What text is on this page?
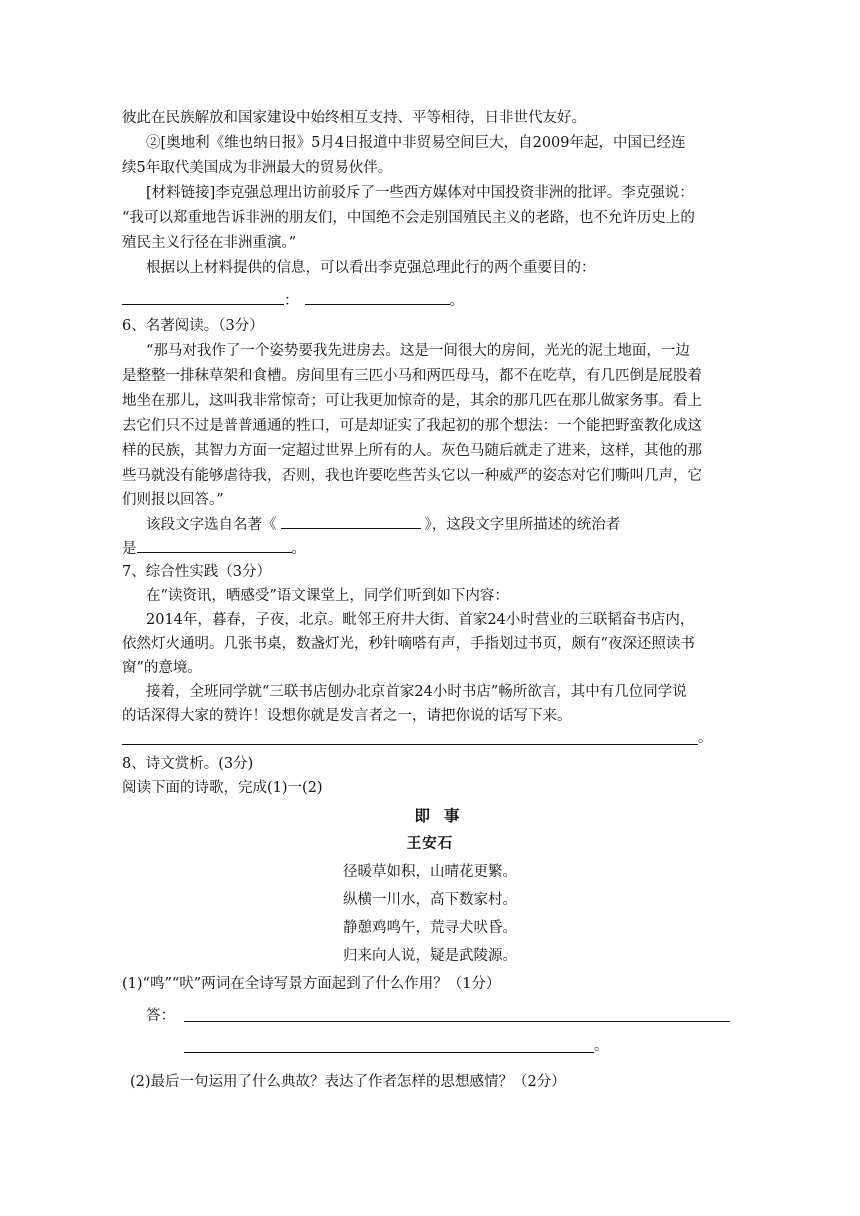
彼此在民族解放和国家建设中始终相互支持、平等相待，日非世代友好。
②[奥地利《维也纳日报》5月4日报道中非贸易空间巨大，自2009年起，中国已经连
续5年取代美国成为非洲最大的贸易伙伴。
[材料链接]李克强总理出访前驳斥了一些西方媒体对中国投资非洲的批评。李克强说：
“我可以郑重地告诉非洲的朋友们，中国绝不会走别国殖民主义的老路，也不允许历史上的
殖民主义行径在非洲重演。”
根据以上材料提供的信息，可以看出李克强总理此行的两个重要目的：
：	。
6、名著阅读。（3分）
“那马对我作了一个姿势要我先进房去。这是一间很大的房间，光光的泥土地面，一边
是整整一排秣草架和食槽。房间里有三匹小马和两匹母马，都不在吃草，有几匹倒是屁股着
地坐在那儿，这叫我非常惊奇；可让我更加惊奇的是，其余的那几匹在那儿做家务事。看上
去它们只不过是普普通通的牲口，可是却证实了我起初的那个想法：一个能把野蛮教化成这
样的民族，其智力方面一定超过世界上所有的人。灰色马随后就走了进来，这样，其他的那
些马就没有能够虐待我，否则，我也许要吃些苦头它以一种威严的姿态对它们嘶叫几声，它
们则报以回答。”
该段文字选自名著《	》，这段文字里所描述的统治者
是	。
7、综合性实践（3分）
在“读资讯，晒感受”语文课堂上，同学们听到如下内容：
2014年，暮春，子夜，北京。毗邻王府井大街、首家24小时营业的三联韬奋书店内，
依然灯火通明。几张书桌，数盏灯光，秒针嘀嗒有声，手指划过书页，颇有“夜深还照读书
窗”的意境。
接着，全班同学就“三联书店刨办北京首家24小时书店”畅所欲言，其中有几位同学说
的话深得大家的赞许！设想你就是发言者之一，请把你说的话写下来。
。
8、诗文赏析。(3分)
阅读下面的诗歌，完成(1)一(2)
即事
王安石
径暖草如积，山晴花更繁。
纵横一川水，高下数家村。
静憩鸡鸣午，荒寻犬吠昏。
归来向人说，疑是武陵源。
(1)“鸣”“吠”两词在全诗写景方面起到了什么作用？（1分）
答：
。
(2)最后一句运用了什么典故？表达了作者怎样的思想感情？（2分）
